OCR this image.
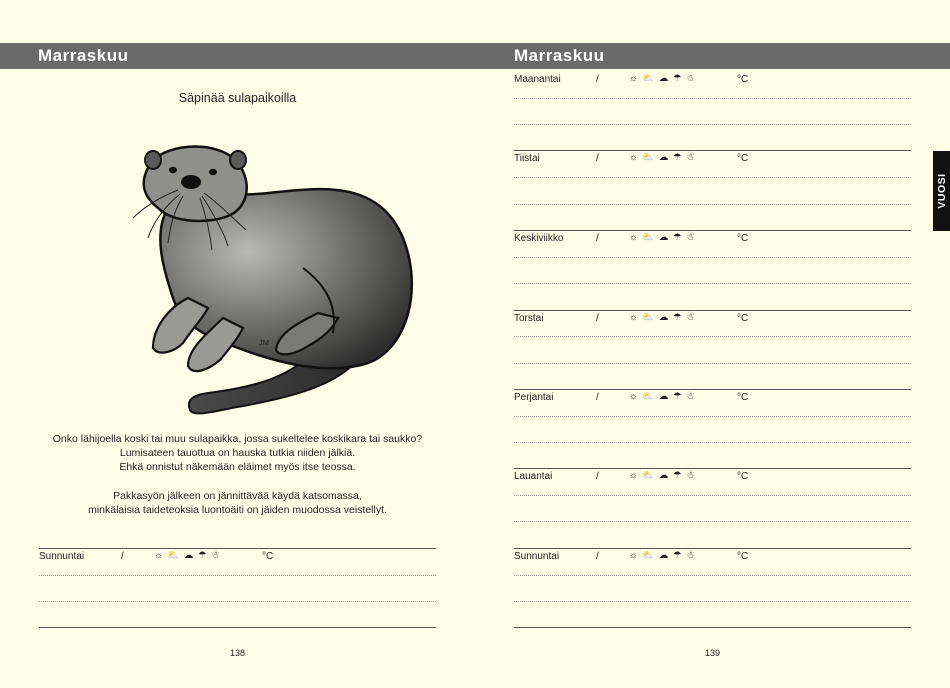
Marraskuu	Marraskuu
Säpinää sulapaikoilla
JM
Onko lähijoella koski tai muu sulapaikka, jossa sukeltelee koskikara tai saukko?
Lumisateen tauottua on hauska tutkia niiden jälkiä.
Ehkä onnistut näkemään eläimet myös itse teossa.
Pakkasyön jälkeen on jännittävää käydä katsomassa,
minkälaisia taideteoksia luontoäiti on jäiden muodossa veistellyt.
Sunnuntai	/	☼ ⛅ ☁ ☂ ☃	°C
138
Maanantai	/	☼ ⛅ ☁ ☂ ☃	°C
Tiistai	/	☼ ⛅ ☁ ☂ ☃	°C
Keskiviikko	/	☼ ⛅ ☁ ☂ ☃	°C
Torstai	/	☼ ⛅ ☁ ☂ ☃	°C
Perjantai	/	☼ ⛅ ☁ ☂ ☃	°C
Lauantai	/	☼ ⛅ ☁ ☂ ☃	°C
Sunnuntai	/	☼ ⛅ ☁ ☂ ☃	°C
139
VUOSI
